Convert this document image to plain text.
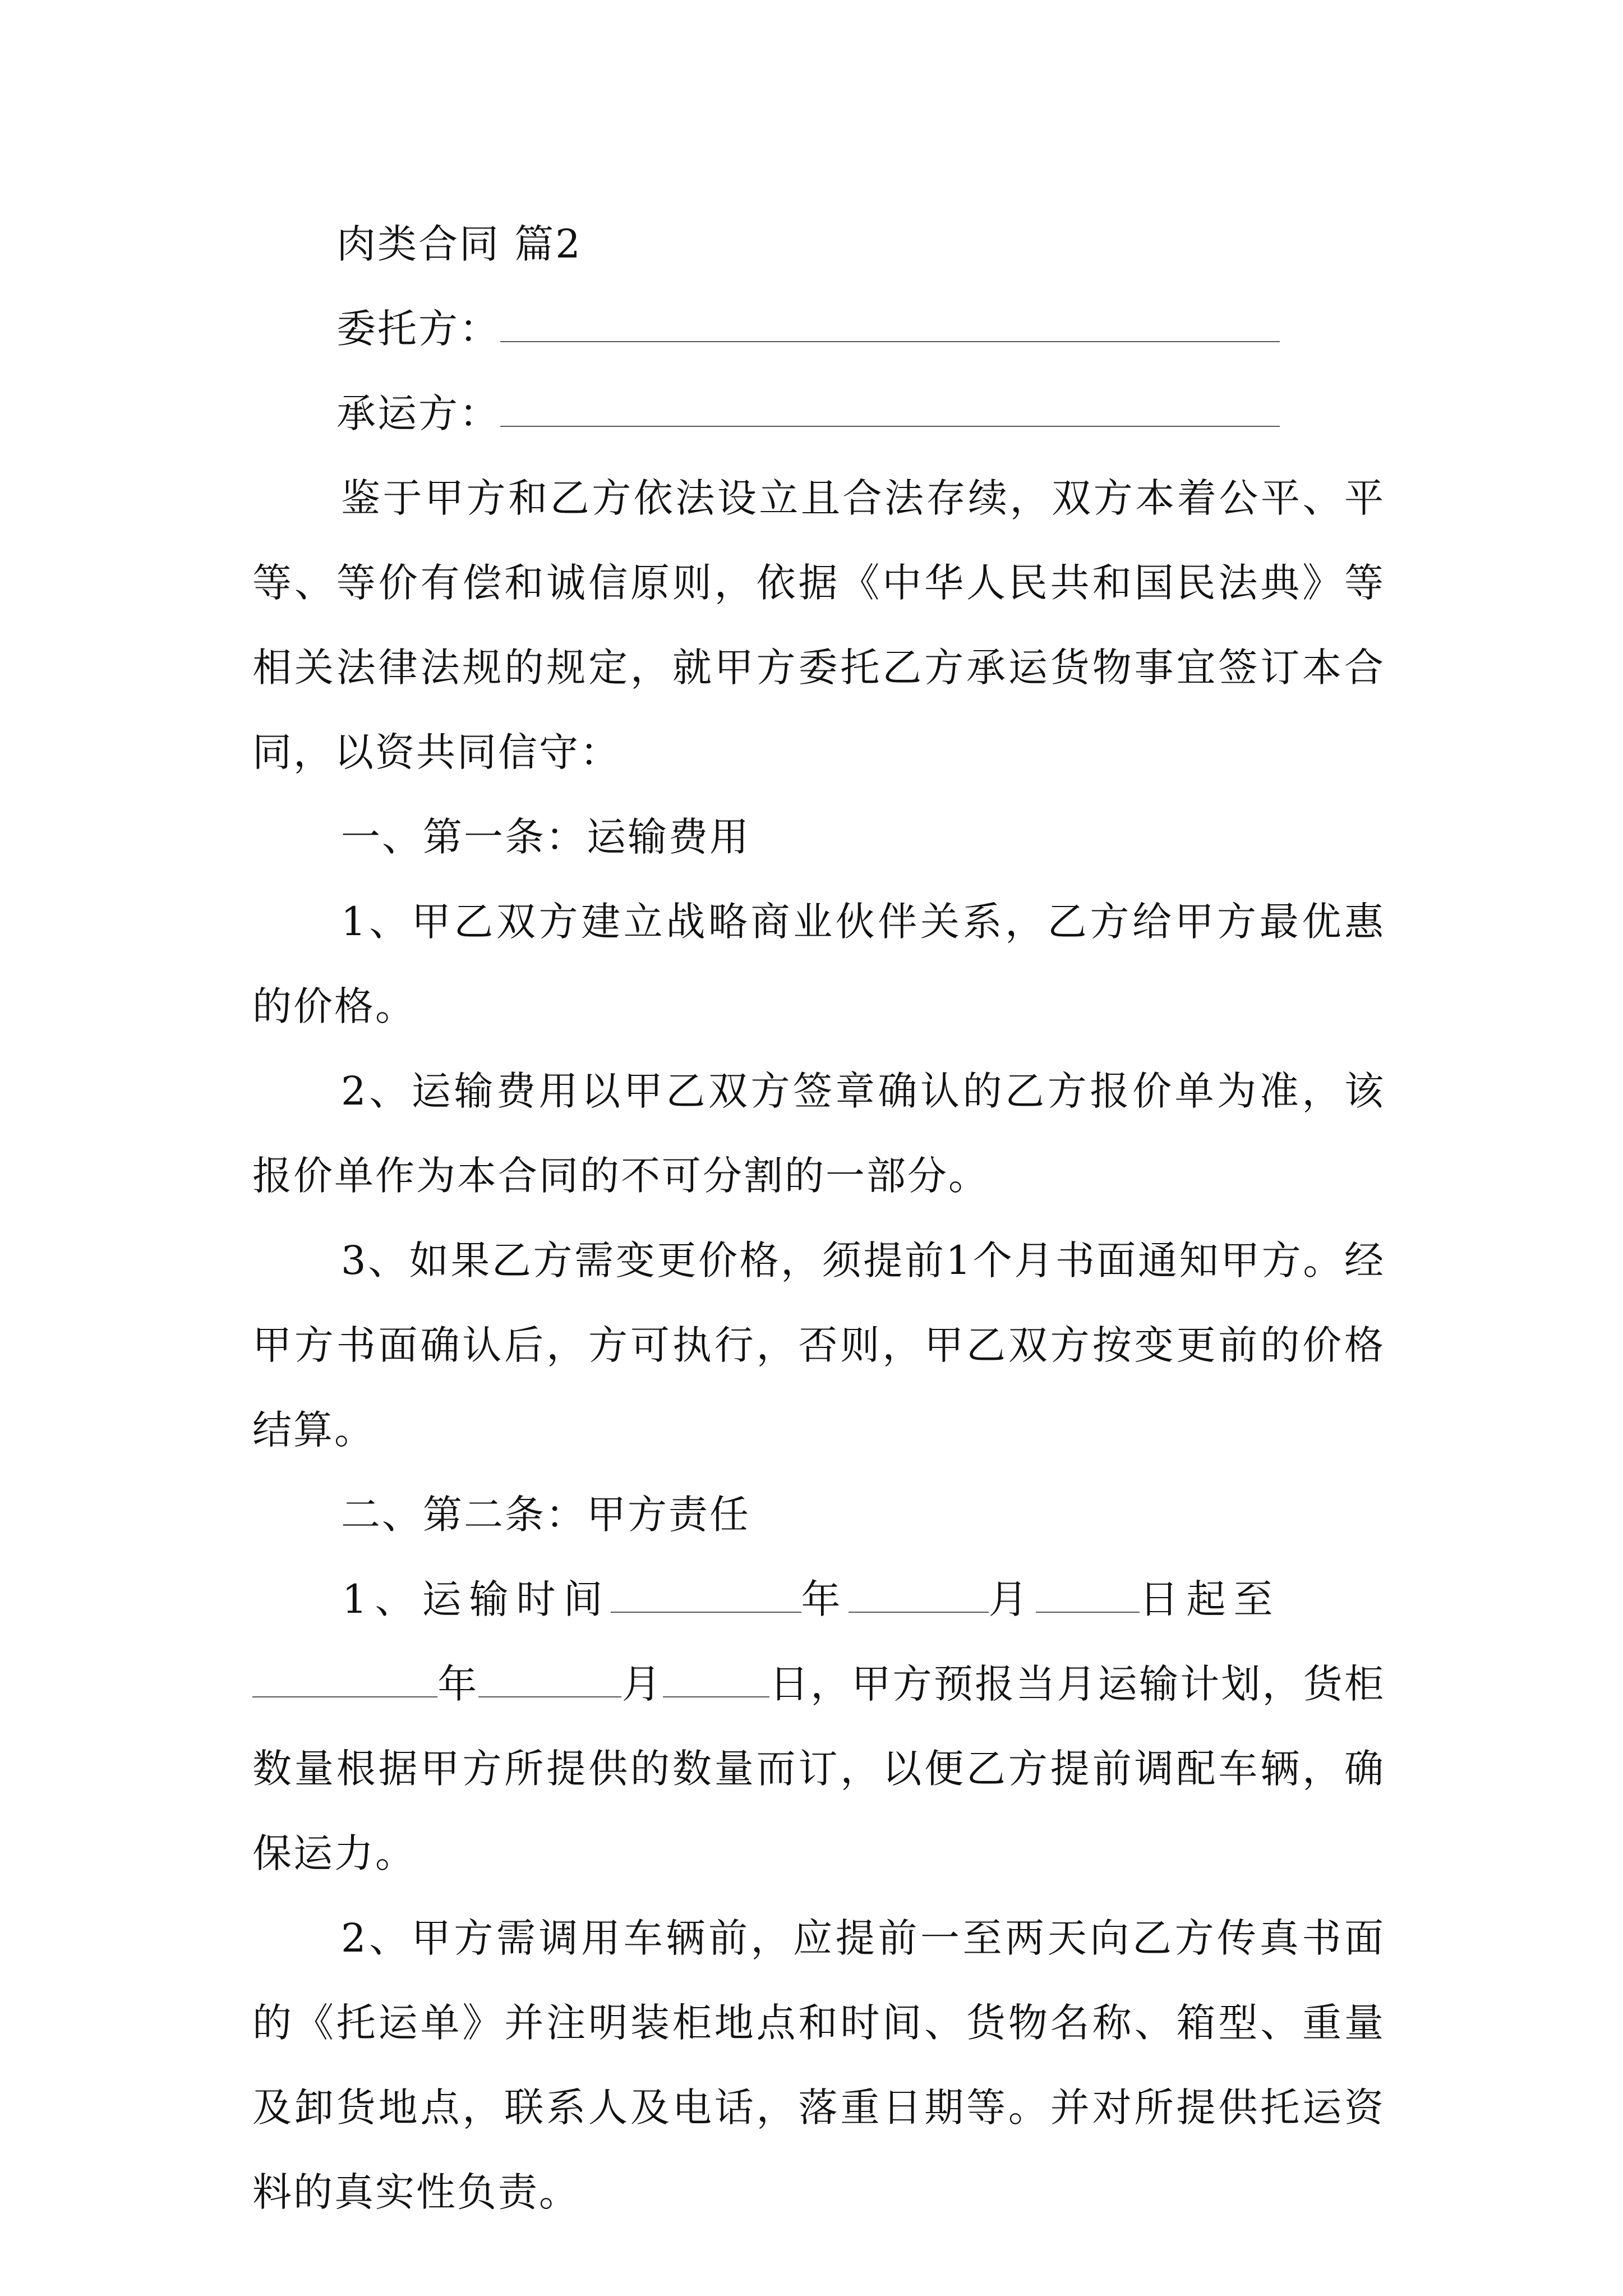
肉类合同 篇2

委托方：

承运方：

鉴于甲方和乙方依法设立且合法存续，双方本着公平、平等、等价有偿和诚信原则，依据《中华人民共和国民法典》等相关法律法规的规定，就甲方委托乙方承运货物事宜签订本合同，以资共同信守：

一、第一条：运输费用

1、甲乙双方建立战略商业伙伴关系，乙方给甲方最优惠的价格。

2、运输费用以甲乙双方签章确认的乙方报价单为准，该报价单作为本合同的不可分割的一部分。

3、如果乙方需变更价格，须提前1个月书面通知甲方。经甲方书面确认后，方可执行，否则，甲乙双方按变更前的价格结算。

二、第二条：甲方责任

1、运输时间	年	月	日起至
年	月	日，甲方预报当月运输计划，货柜数量根据甲方所提供的数量而订，以便乙方提前调配车辆，确保运力。

2、甲方需调用车辆前，应提前一至两天向乙方传真书面的《托运单》并注明装柜地点和时间、货物名称、箱型、重量及卸货地点，联系人及电话，落重日期等。并对所提供托运资料的真实性负责。
